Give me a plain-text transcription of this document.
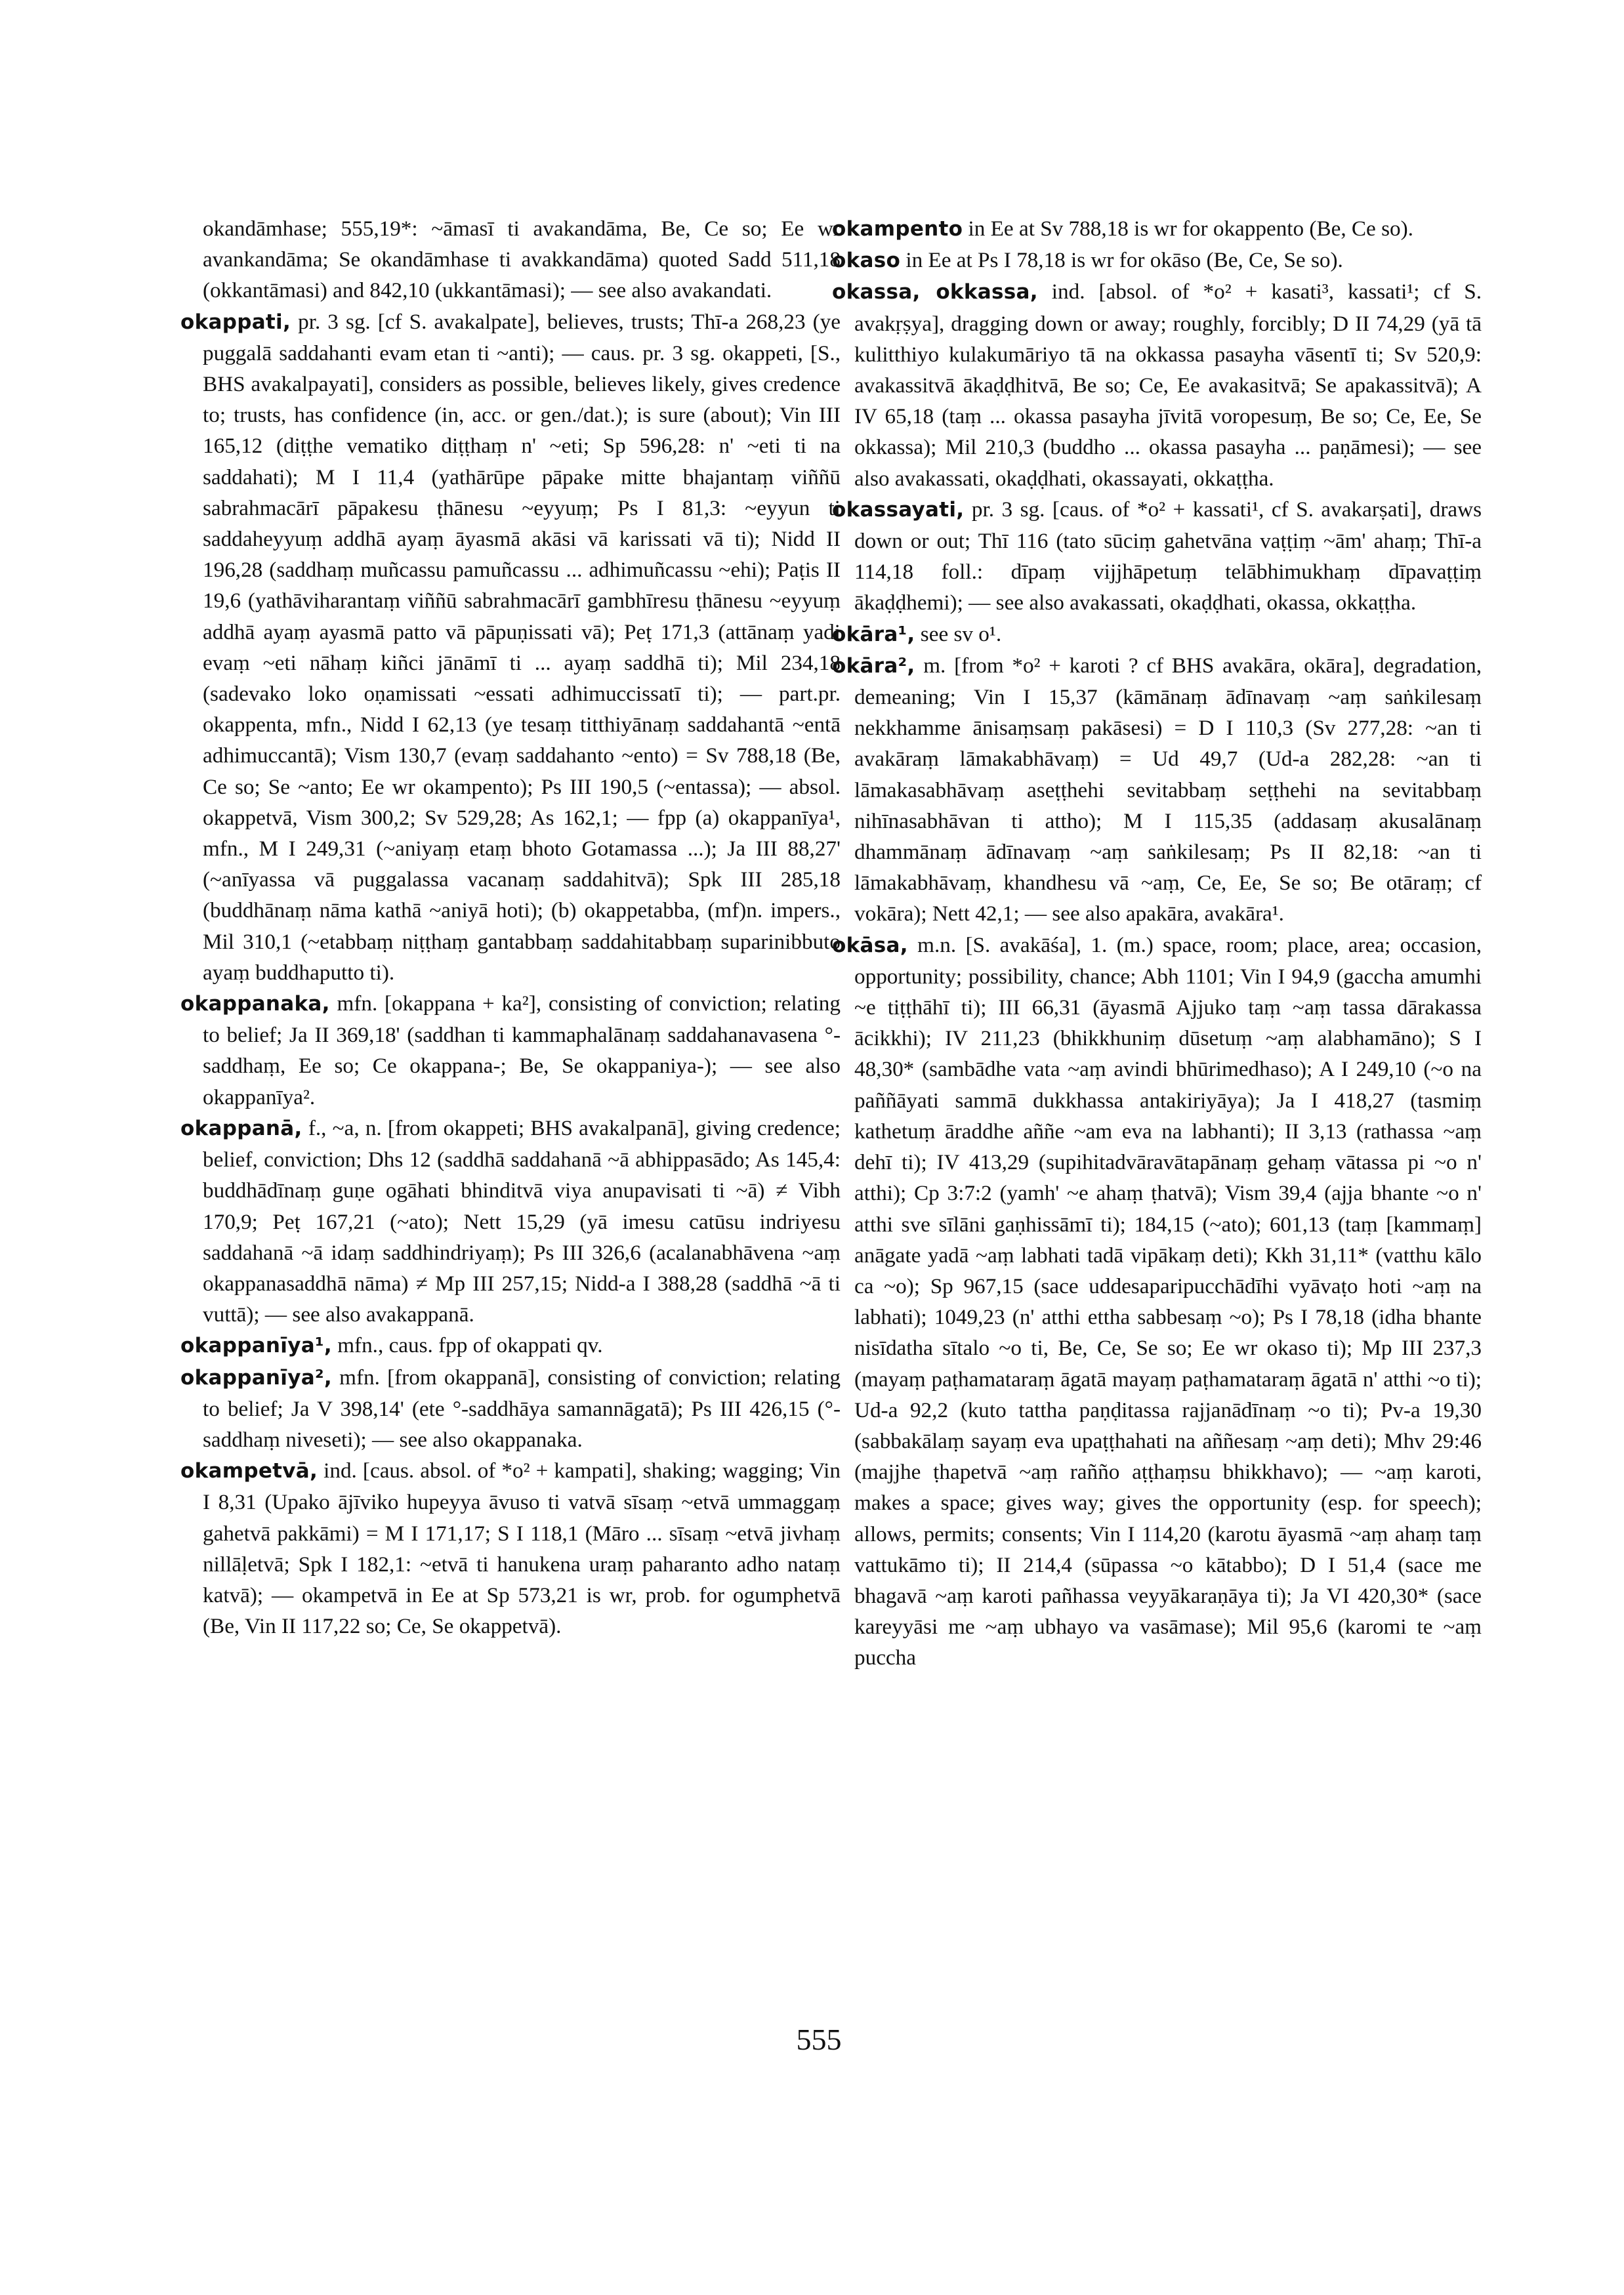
okandāmhase; 555,19*: ~āmasī ti avakandāma, Be, Ce so; Ee wr avankandāma; Se okandāmhase ti avakkandāma) quoted Sadd 511,18 (okkantāmasi) and 842,10 (ukkantāmasi); — see also avakandati.

okappati, pr. 3 sg. [cf S. avakalpate], believes, trusts; Thī-a 268,23 (ye puggalā saddahanti evam etan ti ~anti); — caus. pr. 3 sg. okappeti, [S., BHS avakalpayati], considers as possible, believes likely, gives credence to; trusts, has confidence (in, acc. or gen./dat.); is sure (about); Vin III 165,12 (diṭṭhe vematiko diṭṭhaṃ n' ~eti; Sp 596,28: n' ~eti ti na saddahati); M I 11,4 (yathārūpe pāpake mitte bhajantaṃ viññū sabrahmacārī pāpakesu ṭhānesu ~eyyuṃ; Ps I 81,3: ~eyyun ti saddaheyyuṃ addhā ayaṃ āyasmā akāsi vā karissati vā ti); Nidd II 196,28 (saddhaṃ muñcassu pamuñcassu ... adhimuñcassu ~ehi); Paṭis II 19,6 (yathāviharantaṃ viññū sabrahmacārī gambhīresu ṭhānesu ~eyyuṃ addhā ayaṃ ayasmā patto vā pāpuṇissati vā); Peṭ 171,3 (attānaṃ yadi evaṃ ~eti nāhaṃ kiñci jānāmī ti ... ayaṃ saddhā ti); Mil 234,18 (sadevako loko oṇamissati ~essati adhimuccissatī ti); — part.pr. okappenta, mfn., Nidd I 62,13 (ye tesaṃ titthiyānaṃ saddahantā ~entā adhimuccantā); Vism 130,7 (evaṃ saddahanto ~ento) = Sv 788,18 (Be, Ce so; Se ~anto; Ee wr okampento); Ps III 190,5 (~entassa); — absol. okappetvā, Vism 300,2; Sv 529,28; As 162,1; — fpp (a) okappanīya¹, mfn., M I 249,31 (~aniyaṃ etaṃ bhoto Gotamassa ...); Ja III 88,27' (~anīyassa vā puggalassa vacanaṃ saddahitvā); Spk III 285,18 (buddhānaṃ nāma kathā ~aniyā hoti); (b) okappetabba, (mf)n. impers., Mil 310,1 (~etabbaṃ niṭṭhaṃ gantabbaṃ saddahitabbaṃ suparinibbuto ayaṃ buddhaputto ti).

okappanaka, mfn. [okappana + ka²], consisting of conviction; relating to belief; Ja II 369,18' (saddhan ti kammaphalānaṃ saddahanavasena °-saddhaṃ, Ee so; Ce okappana-; Be, Se okappaniya-); — see also okappanīya².

okappanā, f., ~a, n. [from okappeti; BHS avakalpanā], giving credence; belief, conviction; Dhs 12 (saddhā saddahanā ~ā abhippasādo; As 145,4: buddhādīnaṃ guṇe ogāhati bhinditvā viya anupavisati ti ~ā) ≠ Vibh 170,9; Peṭ 167,21 (~ato); Nett 15,29 (yā imesu catūsu indriyesu saddahanā ~ā idaṃ saddhindriyaṃ); Ps III 326,6 (acalanabhāvena ~aṃ okappanasaddhā nāma) ≠ Mp III 257,15; Nidd-a I 388,28 (saddhā ~ā ti vuttā); — see also avakappanā.

okappanīya¹, mfn., caus. fpp of okappati qv.

okappanīya², mfn. [from okappanā], consisting of conviction; relating to belief; Ja V 398,14' (ete °-saddhāya samannāgatā); Ps III 426,15 (°-saddhaṃ niveseti); — see also okappanaka.

okampetvā, ind. [caus. absol. of *o² + kampati], shaking; wagging; Vin I 8,31 (Upako ājīviko hupeyya āvuso ti vatvā sīsaṃ ~etvā ummaggaṃ gahetvā pakkāmi) = M I 171,17; S I 118,1 (Māro ... sīsaṃ ~etvā jivhaṃ nillāḷetvā; Spk I 182,1: ~etvā ti hanukena uraṃ paharanto adho nataṃ katvā); — okampetvā in Ee at Sp 573,21 is wr, prob. for ogumphetvā (Be, Vin II 117,22 so; Ce, Se okappetvā).

okampento in Ee at Sv 788,18 is wr for okappento (Be, Ce so).

okaso in Ee at Ps I 78,18 is wr for okāso (Be, Ce, Se so).

okassa, okkassa, ind. [absol. of *o² + kasati³, kassati¹; cf S. avakṛṣya], dragging down or away; roughly, forcibly; D II 74,29 (yā tā kulitthiyo kulakumāriyo tā na okkassa pasayha vāsentī ti; Sv 520,9: avakassitvā ākaḍḍhitvā, Be so; Ce, Ee avakasitvā; Se apakassitvā); A IV 65,18 (taṃ ... okassa pasayha jīvitā voropesuṃ, Be so; Ce, Ee, Se okkassa); Mil 210,3 (buddho ... okassa pasayha ... paṇāmesi); — see also avakassati, okaḍḍhati, okassayati, okkaṭṭha.

okassayati, pr. 3 sg. [caus. of *o² + kassati¹, cf S. avakarṣati], draws down or out; Thī 116 (tato sūciṃ gahetvāna vaṭṭiṃ ~ām' ahaṃ; Thī-a 114,18 foll.: dīpaṃ vijjhāpetuṃ telābhimukhaṃ dīpavaṭṭiṃ ākaḍḍhemi); — see also avakassati, okaḍḍhati, okassa, okkaṭṭha.

okāra¹, see sv o¹.

okāra², m. [from *o² + karoti ? cf BHS avakāra, okāra], degradation, demeaning; Vin I 15,37 (kāmānaṃ ādīnavaṃ ~aṃ saṅkilesaṃ nekkhamme ānisaṃsaṃ pakāsesi) = D I 110,3 (Sv 277,28: ~an ti avakāraṃ lāmakabhāvaṃ) = Ud 49,7 (Ud-a 282,28: ~an ti lāmakasabhāvaṃ aseṭṭhehi sevitabbaṃ seṭṭhehi na sevitabbaṃ nihīnasabhāvan ti attho); M I 115,35 (addasaṃ akusalānaṃ dhammānaṃ ādīnavaṃ ~aṃ saṅkilesaṃ; Ps II 82,18: ~an ti lāmakabhāvaṃ, khandhesu vā ~aṃ, Ce, Ee, Se so; Be otāraṃ; cf vokāra); Nett 42,1; — see also apakāra, avakāra¹.

okāsa, m.n. [S. avakāśa], 1. (m.) space, room; place, area; occasion, opportunity; possibility, chance; Abh 1101; Vin I 94,9 (gaccha amumhi ~e tiṭṭhāhī ti); III 66,31 (āyasmā Ajjuko taṃ ~aṃ tassa dārakassa ācikkhi); IV 211,23 (bhikkhuniṃ dūsetuṃ ~aṃ alabhamāno); S I 48,30* (sambādhe vata ~aṃ avindi bhūrimedhaso); A I 249,10 (~o na paññāyati sammā dukkhassa antakiriyāya); Ja I 418,27 (tasmiṃ kathetuṃ āraddhe aññe ~am eva na labhanti); II 3,13 (rathassa ~aṃ dehī ti); IV 413,29 (supihitadvāravātapānaṃ gehaṃ vātassa pi ~o n' atthi); Cp 3:7:2 (yamh' ~e ahaṃ ṭhatvā); Vism 39,4 (ajja bhante ~o n' atthi sve sīlāni gaṇhissāmī ti); 184,15 (~ato); 601,13 (taṃ [kammaṃ] anāgate yadā ~aṃ labhati tadā vipākaṃ deti); Kkh 31,11* (vatthu kālo ca ~o); Sp 967,15 (sace uddesaparipucchādīhi vyāvaṭo hoti ~aṃ na labhati); 1049,23 (n' atthi ettha sabbesaṃ ~o); Ps I 78,18 (idha bhante nisīdatha sītalo ~o ti, Be, Ce, Se so; Ee wr okaso ti); Mp III 237,3 (mayaṃ paṭhamataraṃ āgatā mayaṃ paṭhamataraṃ āgatā n' atthi ~o ti); Ud-a 92,2 (kuto tattha paṇḍitassa rajjanādīnaṃ ~o ti); Pv-a 19,30 (sabbakālaṃ sayaṃ eva upaṭṭhahati na aññesaṃ ~aṃ deti); Mhv 29:46 (majjhe ṭhapetvā ~aṃ rañño aṭṭhaṃsu bhikkhavo); — ~aṃ karoti, makes a space; gives way; gives the opportunity (esp. for speech); allows, permits; consents; Vin I 114,20 (karotu āyasmā ~aṃ ahaṃ taṃ vattukāmo ti); II 214,4 (sūpassa ~o kātabbo); D I 51,4 (sace me bhagavā ~aṃ karoti pañhassa veyyākaraṇāya ti); Ja VI 420,30* (sace kareyyāsi me ~aṃ ubhayo va vasāmase); Mil 95,6 (karomi te ~aṃ puccha

555
